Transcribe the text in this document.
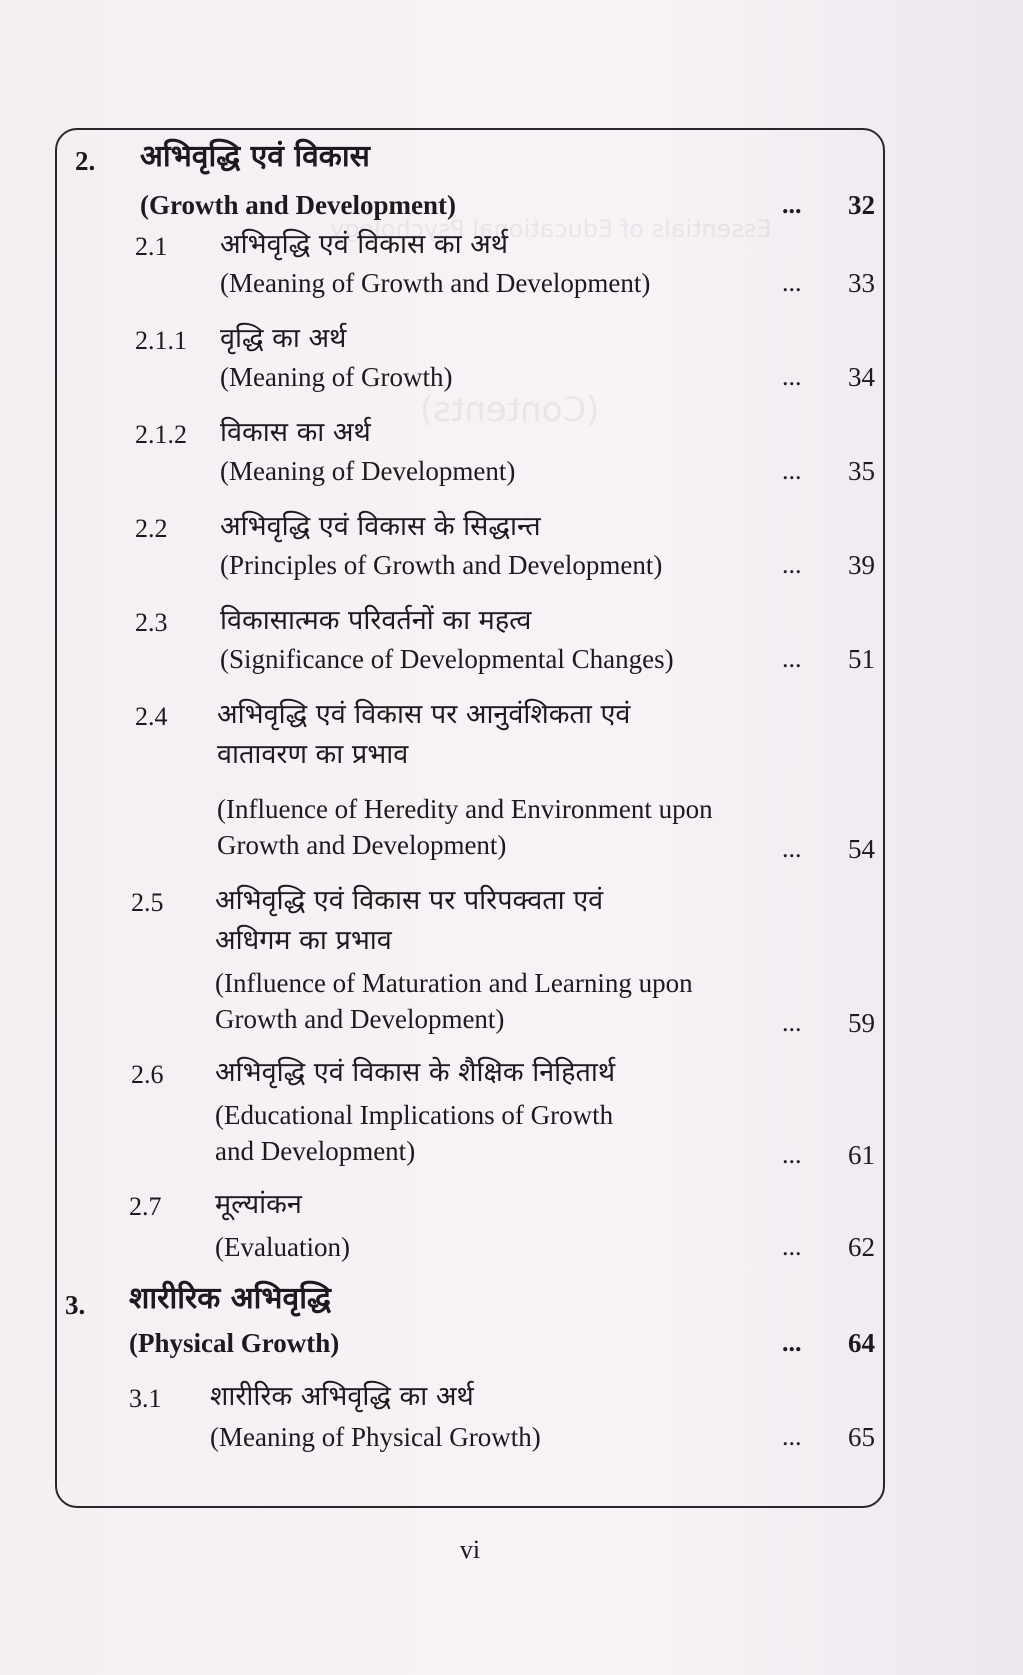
Essentials of Educational Psychology
(Contents)
2. अभिवृद्धि एवं विकास
(Growth and Development)	...	32
2.1 अभिवृद्धि एवं विकास का अर्थ
(Meaning of Growth and Development)	...	33
2.1.1 वृद्धि का अर्थ
(Meaning of Growth)	...	34
2.1.2 विकास का अर्थ
(Meaning of Development)	...	35
2.2 अभिवृद्धि एवं विकास के सिद्धान्त
(Principles of Growth and Development)	...	39
2.3 विकासात्मक परिवर्तनों का महत्व
(Significance of Developmental Changes)	...	51
2.4 अभिवृद्धि एवं विकास पर आनुवंशिकता एवं
वातावरण का प्रभाव
(Influence of Heredity and Environment upon
Growth and Development)	...	54
2.5 अभिवृद्धि एवं विकास पर परिपक्वता एवं
अधिगम का प्रभाव
(Influence of Maturation and Learning upon
Growth and Development)	...	59
2.6 अभिवृद्धि एवं विकास के शैक्षिक निहितार्थ
(Educational Implications of Growth
and Development)	...	61
2.7 मूल्यांकन
(Evaluation)	...	62
3. शारीरिक अभिवृद्धि
(Physical Growth)	...	64
3.1 शारीरिक अभिवृद्धि का अर्थ
(Meaning of Physical Growth)	...	65
vi
